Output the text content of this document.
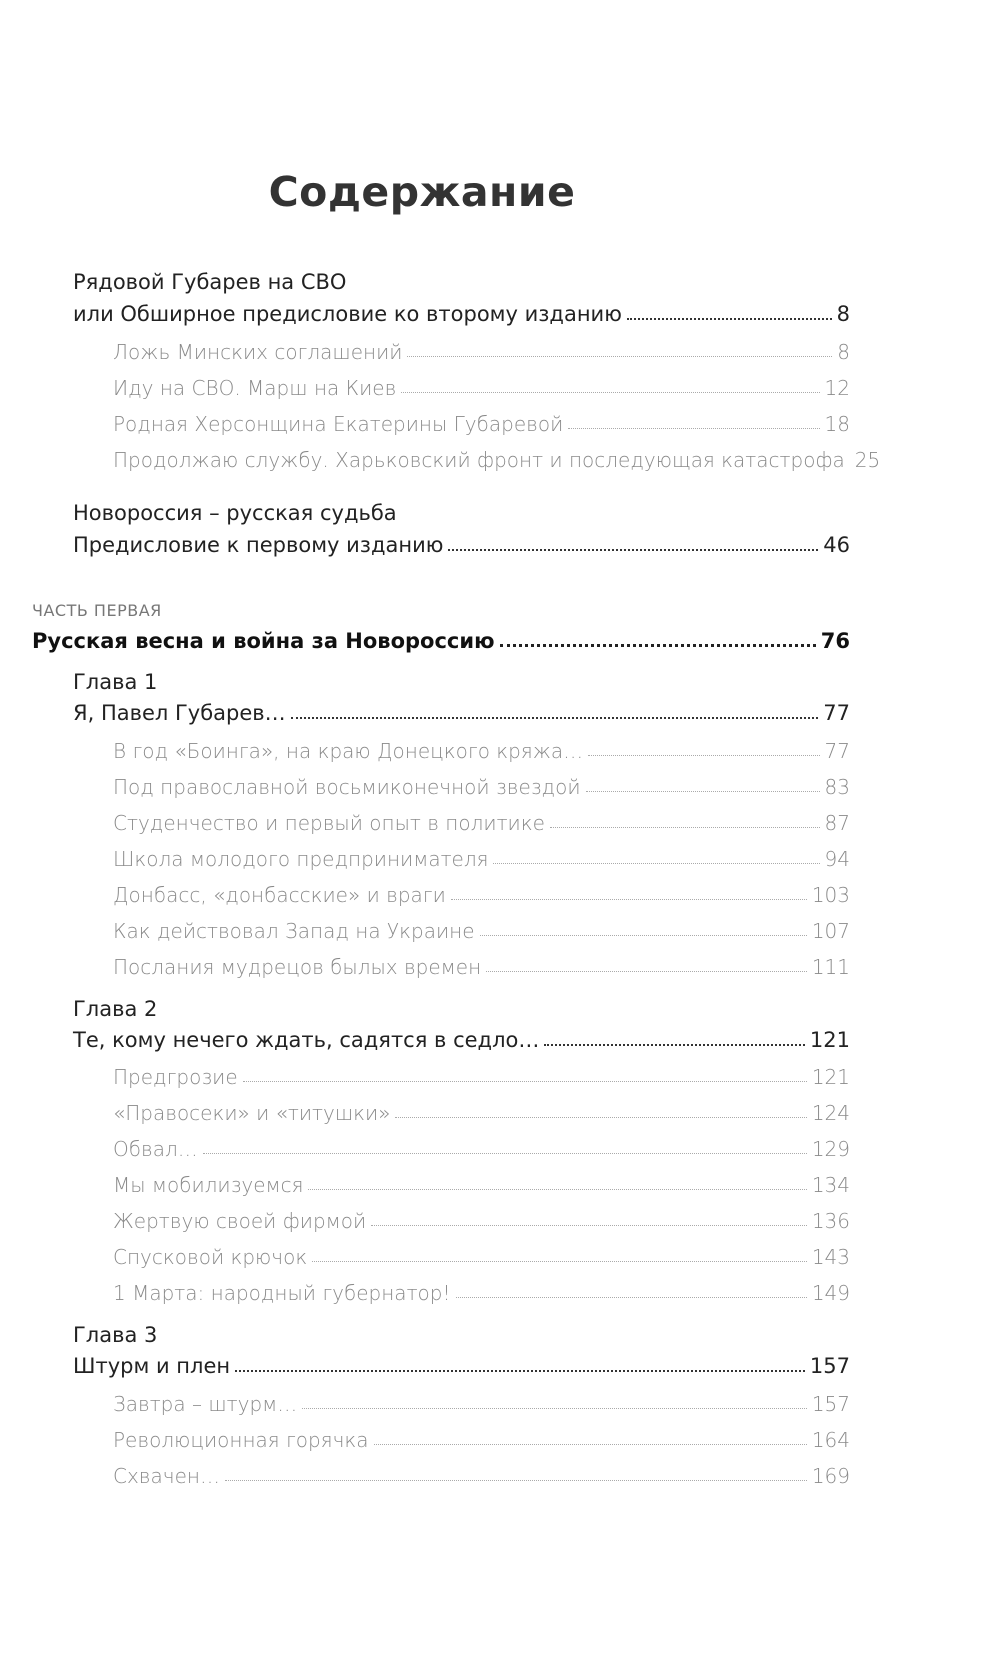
Содержание
Рядовой Губарев на СВО
или Обширное предисловие ко второму изданию	8
Ложь Минских соглашений	8
Иду на СВО. Марш на Киев	12
Родная Херсонщина Екатерины Губаревой	18
Продолжаю службу. Харьковский фронт и последующая катастрофа 25
Новороссия – русская судьба
Предисловие к первому изданию	46
ЧАСТЬ ПЕРВАЯ
Русская весна и война за Новороссию	76
Глава 1
Я, Павел Губарев…	77
В год «Боинга», на краю Донецкого кряжа…	77
Под православной восьмиконечной звездой	83
Студенчество и первый опыт в политике	87
Школа молодого предпринимателя	94
Донбасс, «донбасские» и враги	103
Как действовал Запад на Украине	107
Послания мудрецов былых времен	111
Глава 2
Те, кому нечего ждать, садятся в седло…	121
Предгрозие	121
«Правосеки» и «титушки»	124
Обвал…	129
Мы мобилизуемся	134
Жертвую своей фирмой	136
Спусковой крючок	143
1 Марта: народный губернатор!	149
Глава 3
Штурм и плен	157
Завтра – штурм…	157
Революционная горячка	164
Схвачен…	169
